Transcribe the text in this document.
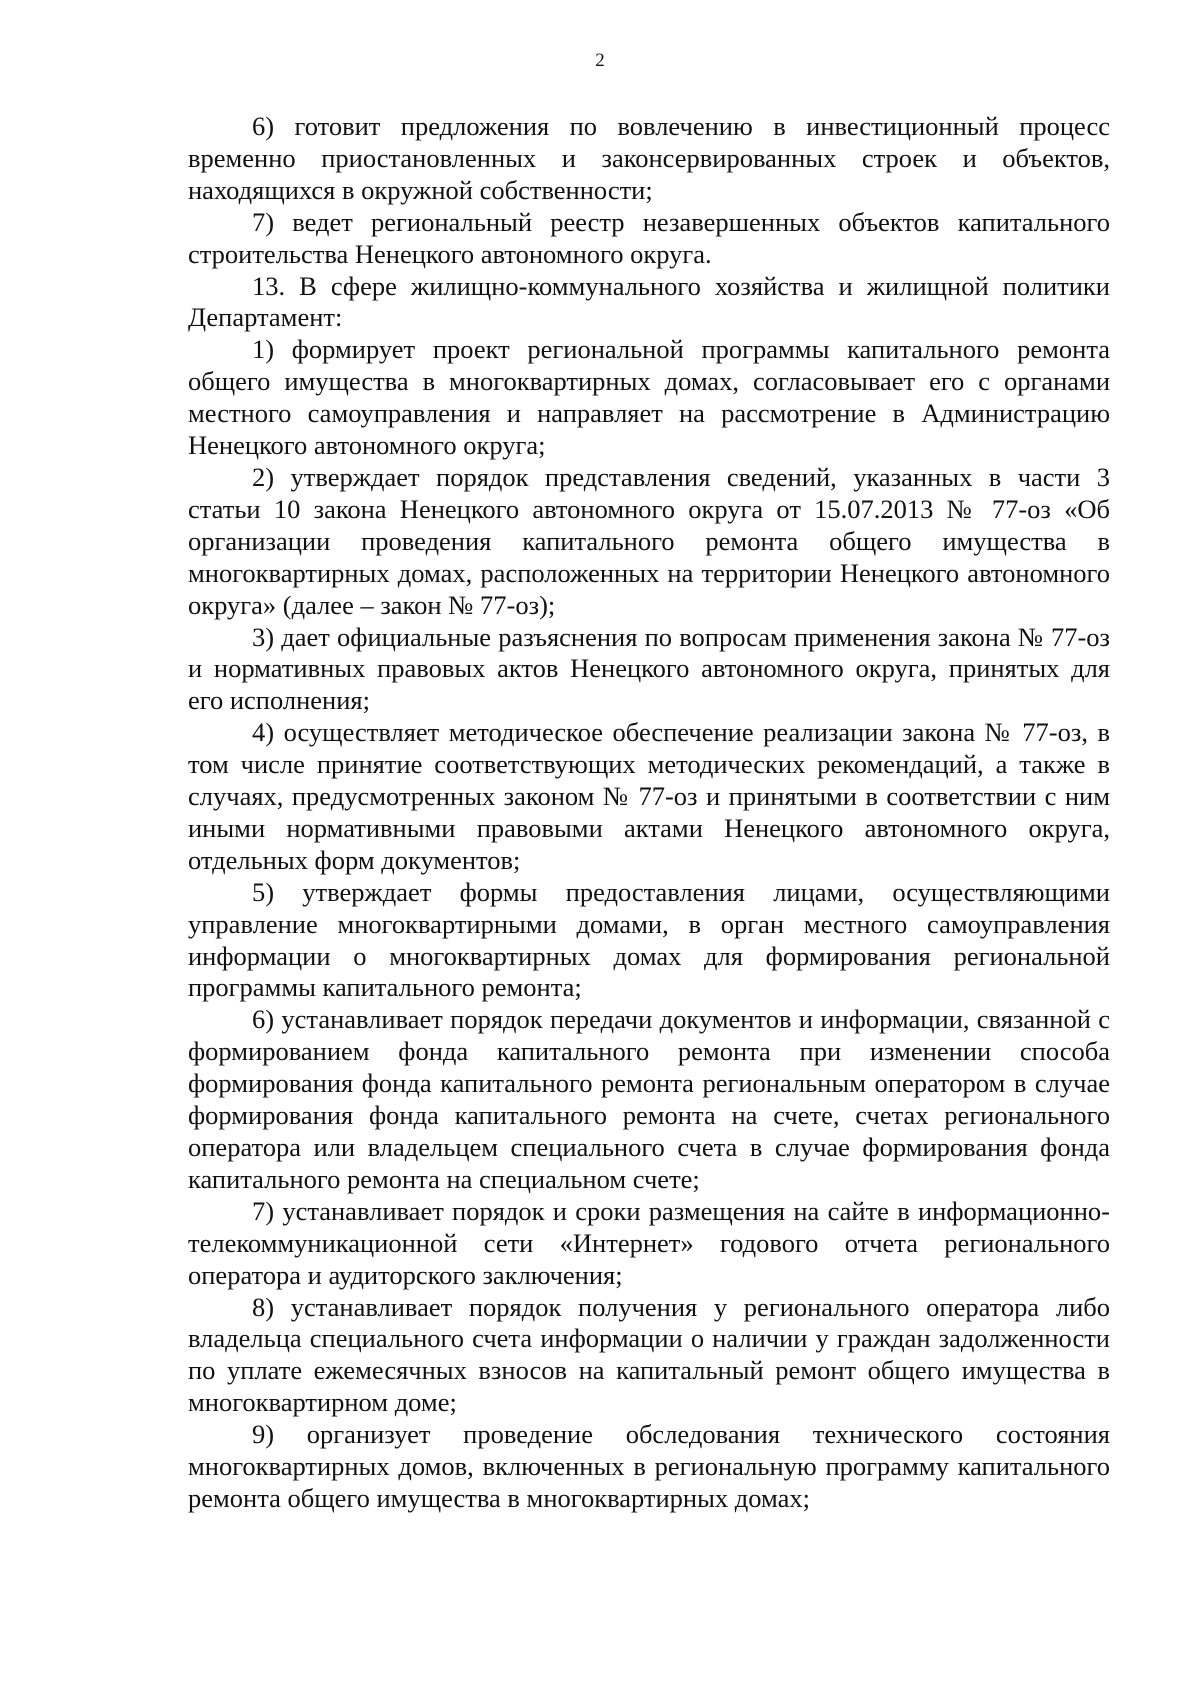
2

6) готовит предложения по вовлечению в инвестиционный процесс временно приостановленных и законсервированных строек и объектов, находящихся в окружной собственности;

7) ведет региональный реестр незавершенных объектов капитального строительства Ненецкого автономного округа.

13. В сфере жилищно-коммунального хозяйства и жилищной политики Департамент:

1) формирует проект региональной программы капитального ремонта общего имущества в многоквартирных домах, согласовывает его с органами местного самоуправления и направляет на рассмотрение в Администрацию Ненецкого автономного округа;

2) утверждает порядок представления сведений, указанных в части 3 статьи 10 закона Ненецкого автономного округа от 15.07.2013 № 77-оз «Об организации проведения капитального ремонта общего имущества в многоквартирных домах, расположенных на территории Ненецкого автономного округа» (далее – закон № 77-оз);

3) дает официальные разъяснения по вопросам применения закона № 77-оз и нормативных правовых актов Ненецкого автономного округа, принятых для его исполнения;

4) осуществляет методическое обеспечение реализации закона № 77-оз, в том числе принятие соответствующих методических рекомендаций, а также в случаях, предусмотренных законом № 77-оз и принятыми в соответствии с ним иными нормативными правовыми актами Ненецкого автономного округа, отдельных форм документов;

5) утверждает формы предоставления лицами, осуществляющими управление многоквартирными домами, в орган местного самоуправления информации о многоквартирных домах для формирования региональной программы капитального ремонта;

6) устанавливает порядок передачи документов и информации, связанной с формированием фонда капитального ремонта при изменении способа формирования фонда капитального ремонта региональным оператором в случае формирования фонда капитального ремонта на счете, счетах регионального оператора или владельцем специального счета в случае формирования фонда капитального ремонта на специальном счете;

7) устанавливает порядок и сроки размещения на сайте в информационно-телекоммуникационной сети «Интернет» годового отчета регионального оператора и аудиторского заключения;

8) устанавливает порядок получения у регионального оператора либо владельца специального счета информации о наличии у граждан задолженности по уплате ежемесячных взносов на капитальный ремонт общего имущества в многоквартирном доме;

9) организует проведение обследования технического состояния многоквартирных домов, включенных в региональную программу капитального ремонта общего имущества в многоквартирных домах;
